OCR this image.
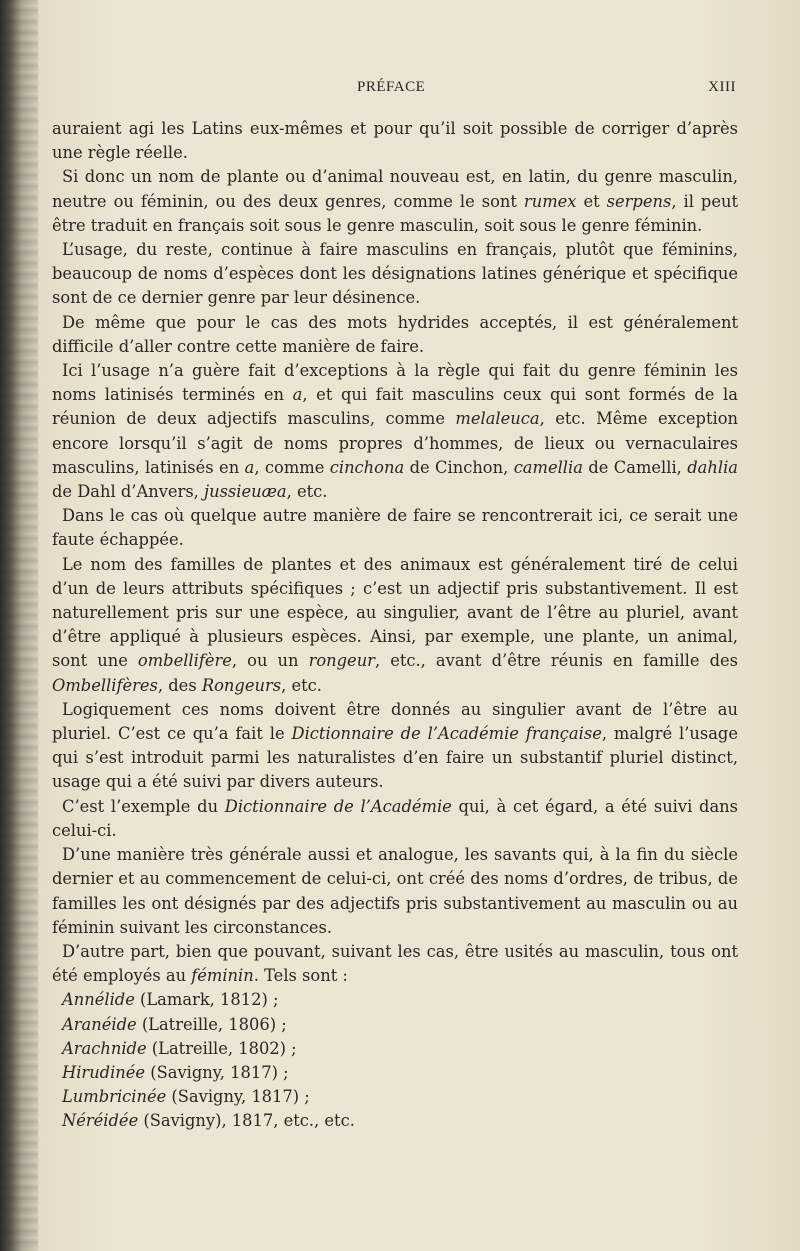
PRÉFACE	XIII

auraient agi les Latins eux-mêmes et pour qu’il soit possible de corriger d’après une règle réelle.

Si donc un nom de plante ou d’animal nouveau est, en latin, du genre masculin, neutre ou féminin, ou des deux genres, comme le sont rumex et serpens, il peut être traduit en français soit sous le genre masculin, soit sous le genre féminin.

L’usage, du reste, continue à faire masculins en français, plutôt que féminins, beaucoup de noms d’espèces dont les désignations latines générique et spécifique sont de ce dernier genre par leur désinence.

De même que pour le cas des mots hydrides acceptés, il est généralement difficile d’aller contre cette manière de faire.

Ici l’usage n’a guère fait d’exceptions à la règle qui fait du genre féminin les noms latinisés terminés en a, et qui fait masculins ceux qui sont formés de la réunion de deux adjectifs masculins, comme melaleuca, etc. Même exception encore lorsqu’il s’agit de noms propres d’hommes, de lieux ou vernaculaires masculins, latinisés en a, comme cinchona de Cinchon, camellia de Camelli, dahlia de Dahl d’Anvers, jussieuæa, etc.

Dans le cas où quelque autre manière de faire se rencontrerait ici, ce serait une faute échappée.

Le nom des familles de plantes et des animaux est généralement tiré de celui d’un de leurs attributs spécifiques ; c’est un adjectif pris substantivement. Il est naturellement pris sur une espèce, au singulier, avant de l’être au pluriel, avant d’être appliqué à plusieurs espèces. Ainsi, par exemple, une plante, un animal, sont une ombellifère, ou un rongeur, etc., avant d’être réunis en famille des Ombellifères, des Rongeurs, etc.

Logiquement ces noms doivent être donnés au singulier avant de l’être au pluriel. C’est ce qu’a fait le Dictionnaire de l’Académie française, malgré l’usage qui s’est introduit parmi les naturalistes d’en faire un substantif pluriel distinct, usage qui a été suivi par divers auteurs.

C’est l’exemple du Dictionnaire de l’Académie qui, à cet égard, a été suivi dans celui-ci.

D’une manière très générale aussi et analogue, les savants qui, à la fin du siècle dernier et au commencement de celui-ci, ont créé des noms d’ordres, de tribus, de familles les ont désignés par des adjectifs pris substantivement au masculin ou au féminin suivant les circonstances.

D’autre part, bien que pouvant, suivant les cas, être usités au masculin, tous ont été employés au féminin. Tels sont :

Annélide (Lamark, 1812) ;
Aranéide (Latreille, 1806) ;
Arachnide (Latreille, 1802) ;
Hirudinée (Savigny, 1817) ;
Lumbricinée (Savigny, 1817) ;
Néréidée (Savigny), 1817, etc., etc.
